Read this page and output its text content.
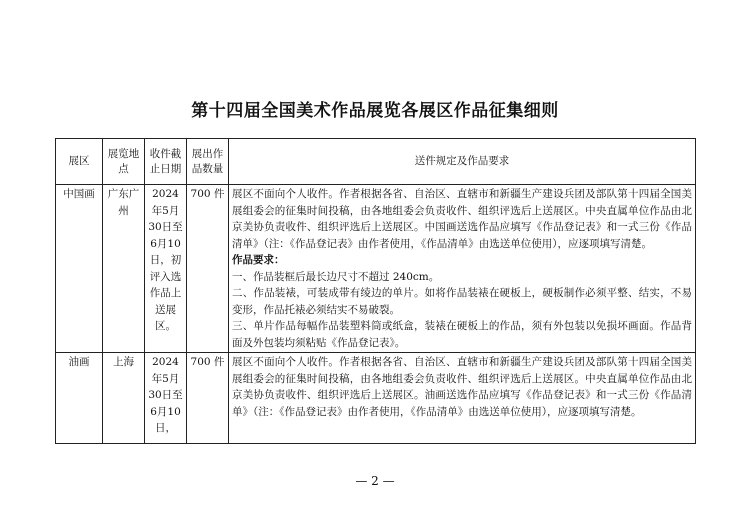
第十四届全国美术作品展览各展区作品征集细则
展区	展览地点	收件截止日期	展出作品数量	送件规定及作品要求
中国画	广东广州	2024年5月30日至6月10日，初评入选作品上送展区。	700 件	展区不面向个人收件。作者根据各省、自治区、直辖市和新疆生产建设兵团及部队第十四届全国美展组委会的征集时间投稿，由各地组委会负责收件、组织评选后上送展区。中央直属单位作品由北京美协负责收件、组织评选后上送展区。中国画送选作品应填写《作品登记表》和一式三份《作品清单》（注：《作品登记表》由作者使用，《作品清单》由选送单位使用），应逐项填写清楚。
作品要求：
一、作品装框后最长边尺寸不超过 240cm。
二、作品装裱，可装成带有绫边的单片。如将作品装裱在硬板上，硬板制作必须平整、结实，不易变形，作品托裱必须结实不易破裂。
三、单片作品每幅作品装塑料筒或纸盒，装裱在硬板上的作品，须有外包装以免损坏画面。作品背面及外包装均须粘贴《作品登记表》。

油画	上海	2024年5月30日至6月10日，	700 件	展区不面向个人收件。作者根据各省、自治区、直辖市和新疆生产建设兵团及部队第十四届全国美展组委会的征集时间投稿，由各地组委会负责收件、组织评选后上送展区。中央直属单位作品由北京美协负责收件、组织评选后上送展区。油画送选作品应填写《作品登记表》和一式三份《作品清单》（注：《作品登记表》由作者使用，《作品清单》由选送单位使用），应逐项填写清楚。
— 2 —
